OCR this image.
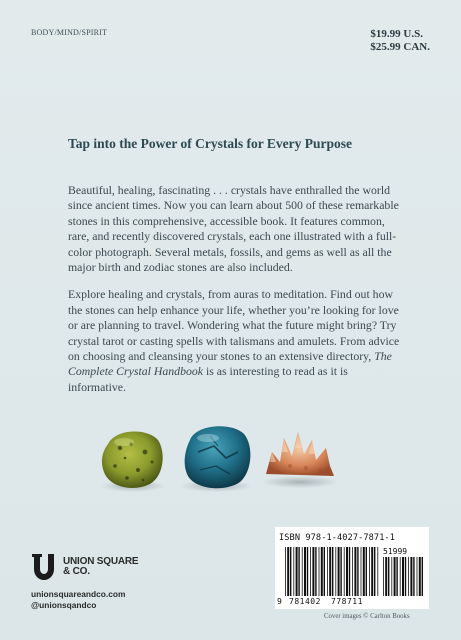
BODY/MIND/SPIRIT	$19.99 U.S.
$25.99 CAN.
Tap into the Power of Crystals for Every Purpose

Beautiful, healing, fascinating . . . crystals have enthralled the world since ancient times. Now you can learn about 500 of these remarkable stones in this comprehensive, accessible book. It features common, rare, and recently discovered crystals, each one illustrated with a full-color photograph. Several metals, fossils, and gems as well as all the major birth and zodiac stones are also included.

Explore healing and crystals, from auras to meditation. Find out how the stones can help enhance your life, whether you’re looking for love or are planning to travel. Wondering what the future might bring? Try crystal tarot or casting spells with talismans and amulets. From advice on choosing and cleansing your stones to an extensive directory, The Complete Crystal Handbook is as interesting to read as it is informative.

UNION SQUARE
& CO.
unionsquareandco.com
@unionsqandco
ISBN 978-1-4027-7871-1
51999
9 781402 778711
Cover images © Carlton Books
